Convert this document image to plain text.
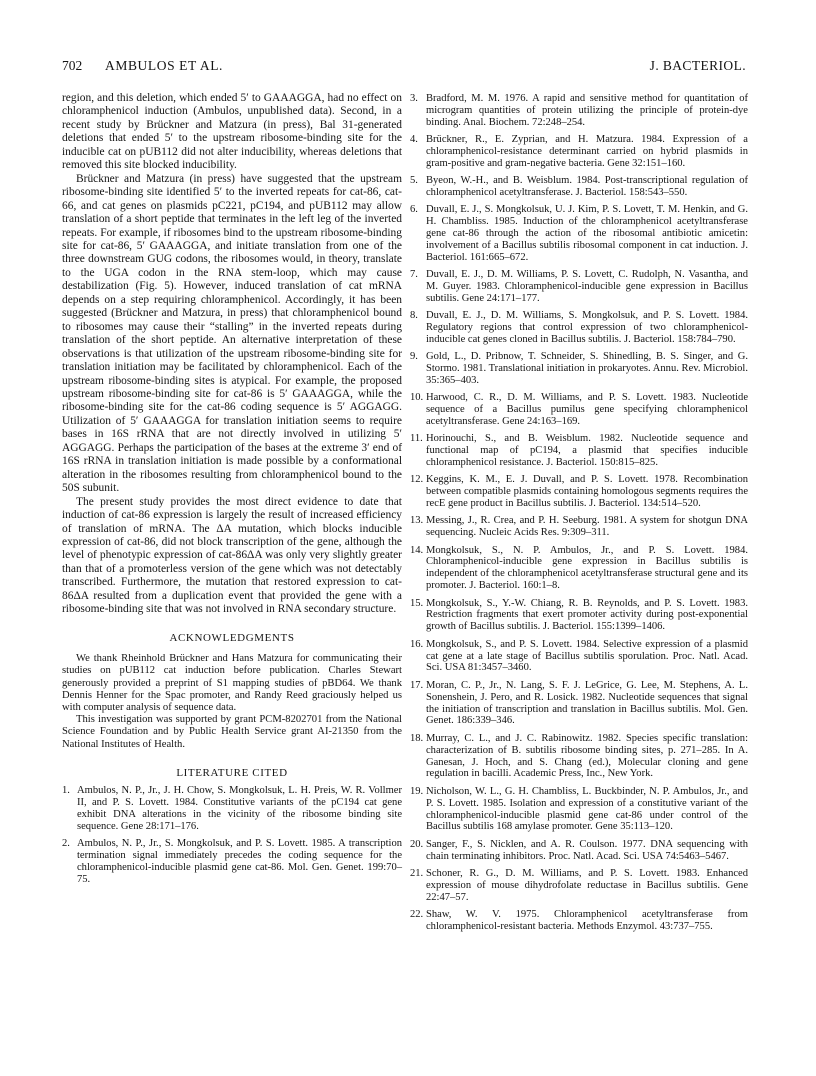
702 AMBULOS ET AL.	J. BACTERIOL.

region, and this deletion, which ended 5′ to GAAAGGA, had no effect on chloramphenicol induction (Ambulos, unpublished data). Second, in a recent study by Brückner and Matzura (in press), Bal 31-generated deletions that ended 5′ to the upstream ribosome-binding site for the inducible cat on pUB112 did not alter inducibility, whereas deletions that removed this site blocked inducibility.

Brückner and Matzura (in press) have suggested that the upstream ribosome-binding site identified 5′ to the inverted repeats for cat-86, cat-66, and cat genes on plasmids pC221, pC194, and pUB112 may allow translation of a short peptide that terminates in the left leg of the inverted repeats. For example, if ribosomes bind to the upstream ribosome-binding site for cat-86, 5′ GAAAGGA, and initiate translation from one of the three downstream GUG codons, the ribosomes would, in theory, translate to the UGA codon in the RNA stem-loop, which may cause destabilization (Fig. 5). However, induced translation of cat mRNA depends on a step requiring chloramphenicol. Accordingly, it has been suggested (Brückner and Matzura, in press) that chloramphenicol bound to ribosomes may cause their “stalling” in the inverted repeats during translation of the short peptide. An alternative interpretation of these observations is that utilization of the upstream ribosome-binding site for translation initiation may be facilitated by chloramphenicol. Each of the upstream ribosome-binding sites is atypical. For example, the proposed upstream ribosome-binding site for cat-86 is 5′ GAAAGGA, while the ribosome-binding site for the cat-86 coding sequence is 5′ AGGAGG. Utilization of 5′ GAAAGGA for translation initiation seems to require bases in 16S rRNA that are not directly involved in utilizing 5′ AGGAGG. Perhaps the participation of the bases at the extreme 3′ end of 16S rRNA in translation initiation is made possible by a conformational alteration in the ribosomes resulting from chloramphenicol bound to the 50S subunit.

The present study provides the most direct evidence to date that induction of cat-86 expression is largely the result of increased efficiency of translation of mRNA. The ΔA mutation, which blocks inducible expression of cat-86, did not block transcription of the gene, although the level of phenotypic expression of cat-86ΔA was only very slightly greater than that of a promoterless version of the gene which was not detectably transcribed. Furthermore, the mutation that restored expression to cat-86ΔA resulted from a duplication event that provided the gene with a ribosome-binding site that was not involved in RNA secondary structure.

ACKNOWLEDGMENTS

We thank Rheinhold Brückner and Hans Matzura for communicating their studies on pUB112 cat induction before publication. Charles Stewart generously provided a preprint of S1 mapping studies of pBD64. We thank Dennis Henner for the Spac promoter, and Randy Reed graciously helped us with computer analysis of sequence data.

This investigation was supported by grant PCM-8202701 from the National Science Foundation and by Public Health Service grant AI-21350 from the National Institutes of Health.

LITERATURE CITED
1. Ambulos, N. P., Jr., J. H. Chow, S. Mongkolsuk, L. H. Preis, W. R. Vollmer II, and P. S. Lovett. 1984. Constitutive variants of the pC194 cat gene exhibit DNA alterations in the vicinity of the ribosome binding site sequence. Gene 28:171–176.
2. Ambulos, N. P., Jr., S. Mongkolsuk, and P. S. Lovett. 1985. A transcription termination signal immediately precedes the coding sequence for the chloramphenicol-inducible plasmid gene cat-86. Mol. Gen. Genet. 199:70–75.
3. Bradford, M. M. 1976. A rapid and sensitive method for quantitation of microgram quantities of protein utilizing the principle of protein-dye binding. Anal. Biochem. 72:248–254.
4. Brückner, R., E. Zyprian, and H. Matzura. 1984. Expression of a chloramphenicol-resistance determinant carried on hybrid plasmids in gram-positive and gram-negative bacteria. Gene 32:151–160.
5. Byeon, W.-H., and B. Weisblum. 1984. Post-transcriptional regulation of chloramphenicol acetyltransferase. J. Bacteriol. 158:543–550.
6. Duvall, E. J., S. Mongkolsuk, U. J. Kim, P. S. Lovett, T. M. Henkin, and G. H. Chambliss. 1985. Induction of the chloramphenicol acetyltransferase gene cat-86 through the action of the ribosomal antibiotic amicetin: involvement of a Bacillus subtilis ribosomal component in cat induction. J. Bacteriol. 161:665–672.
7. Duvall, E. J., D. M. Williams, P. S. Lovett, C. Rudolph, N. Vasantha, and M. Guyer. 1983. Chloramphenicol-inducible gene expression in Bacillus subtilis. Gene 24:171–177.
8. Duvall, E. J., D. M. Williams, S. Mongkolsuk, and P. S. Lovett. 1984. Regulatory regions that control expression of two chloramphenicol-inducible cat genes cloned in Bacillus subtilis. J. Bacteriol. 158:784–790.
9. Gold, L., D. Pribnow, T. Schneider, S. Shinedling, B. S. Singer, and G. Stormo. 1981. Translational initiation in prokaryotes. Annu. Rev. Microbiol. 35:365–403.
10. Harwood, C. R., D. M. Williams, and P. S. Lovett. 1983. Nucleotide sequence of a Bacillus pumilus gene specifying chloramphenicol acetyltransferase. Gene 24:163–169.
11. Horinouchi, S., and B. Weisblum. 1982. Nucleotide sequence and functional map of pC194, a plasmid that specifies inducible chloramphenicol resistance. J. Bacteriol. 150:815–825.
12. Keggins, K. M., E. J. Duvall, and P. S. Lovett. 1978. Recombination between compatible plasmids containing homologous segments requires the recE gene product in Bacillus subtilis. J. Bacteriol. 134:514–520.
13. Messing, J., R. Crea, and P. H. Seeburg. 1981. A system for shotgun DNA sequencing. Nucleic Acids Res. 9:309–311.
14. Mongkolsuk, S., N. P. Ambulos, Jr., and P. S. Lovett. 1984. Chloramphenicol-inducible gene expression in Bacillus subtilis is independent of the chloramphenicol acetyltransferase structural gene and its promoter. J. Bacteriol. 160:1–8.
15. Mongkolsuk, S., Y.-W. Chiang, R. B. Reynolds, and P. S. Lovett. 1983. Restriction fragments that exert promoter activity during post-exponential growth of Bacillus subtilis. J. Bacteriol. 155:1399–1406.
16. Mongkolsuk, S., and P. S. Lovett. 1984. Selective expression of a plasmid cat gene at a late stage of Bacillus subtilis sporulation. Proc. Natl. Acad. Sci. USA 81:3457–3460.
17. Moran, C. P., Jr., N. Lang, S. F. J. LeGrice, G. Lee, M. Stephens, A. L. Sonenshein, J. Pero, and R. Losick. 1982. Nucleotide sequences that signal the initiation of transcription and translation in Bacillus subtilis. Mol. Gen. Genet. 186:339–346.
18. Murray, C. L., and J. C. Rabinowitz. 1982. Species specific translation: characterization of B. subtilis ribosome binding sites, p. 271–285. In A. Ganesan, J. Hoch, and S. Chang (ed.), Molecular cloning and gene regulation in bacilli. Academic Press, Inc., New York.
19. Nicholson, W. L., G. H. Chambliss, L. Buckbinder, N. P. Ambulos, Jr., and P. S. Lovett. 1985. Isolation and expression of a constitutive variant of the chloramphenicol-inducible plasmid gene cat-86 under control of the Bacillus subtilis 168 amylase promoter. Gene 35:113–120.
20. Sanger, F., S. Nicklen, and A. R. Coulson. 1977. DNA sequencing with chain terminating inhibitors. Proc. Natl. Acad. Sci. USA 74:5463–5467.
21. Schoner, R. G., D. M. Williams, and P. S. Lovett. 1983. Enhanced expression of mouse dihydrofolate reductase in Bacillus subtilis. Gene 22:47–57.
22. Shaw, W. V. 1975. Chloramphenicol acetyltransferase from chloramphenicol-resistant bacteria. Methods Enzymol. 43:737–755.
